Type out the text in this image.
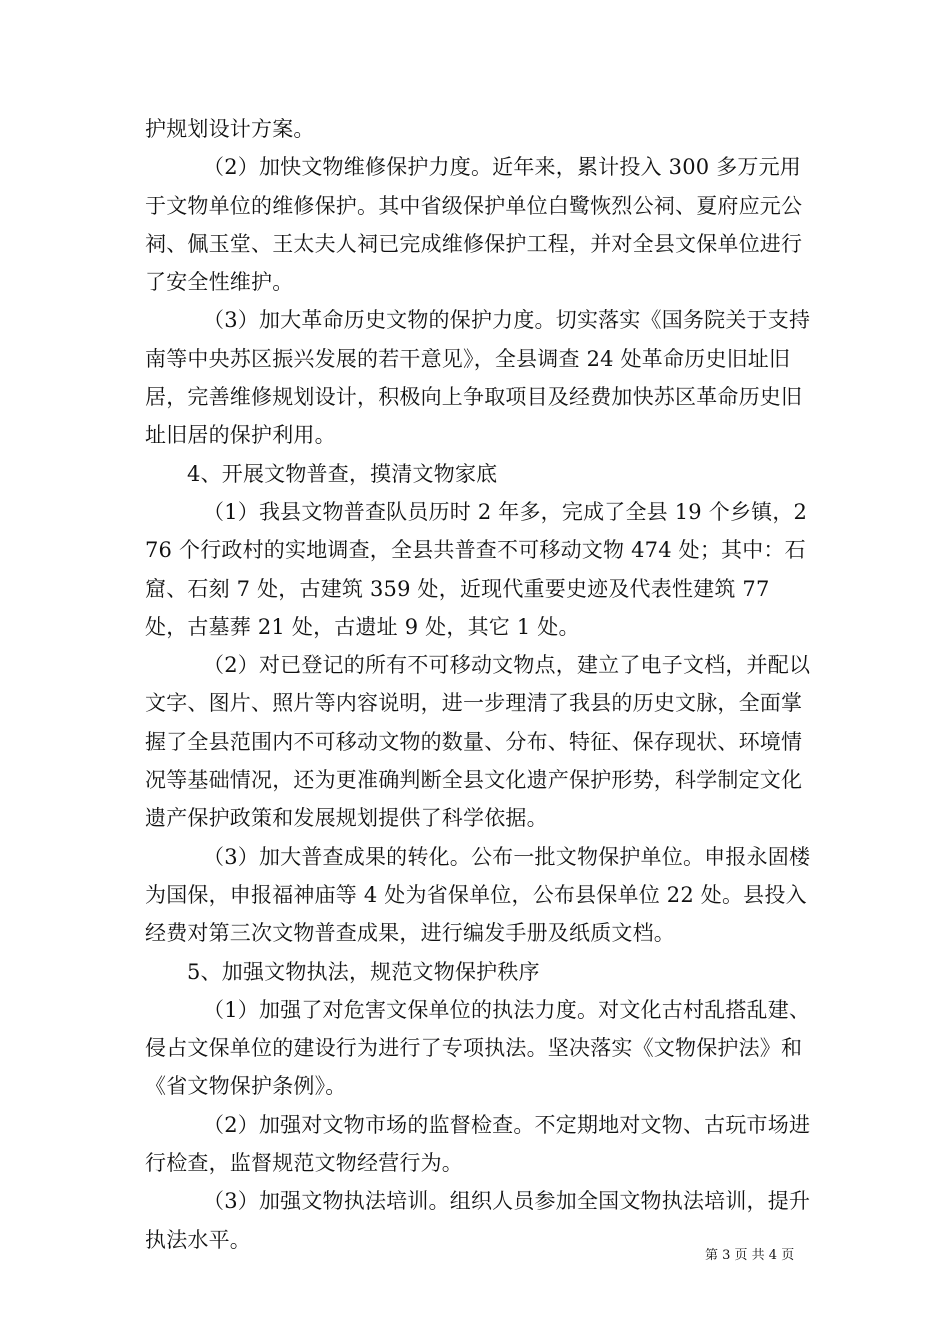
护规划设计方案。

（2）加快文物维修保护力度。近年来，累计投入 300 多万元用于文物单位的维修保护。其中省级保护单位白鹭恢烈公祠、夏府应元公祠、佩玉堂、王太夫人祠已完成维修保护工程，并对全县文保单位进行了安全性维护。

（3）加大革命历史文物的保护力度。切实落实《国务院关于支持南等中央苏区振兴发展的若干意见》，全县调查 24 处革命历史旧址旧居，完善维修规划设计，积极向上争取项目及经费加快苏区革命历史旧址旧居的保护利用。

4、开展文物普查，摸清文物家底

（1）我县文物普查队员历时 2 年多，完成了全县 19 个乡镇，276 个行政村的实地调查，全县共普查不可移动文物 474 处；其中：石窟、石刻 7 处，古建筑 359 处，近现代重要史迹及代表性建筑 77 处，古墓葬 21 处，古遗址 9 处，其它 1 处。

（2）对已登记的所有不可移动文物点，建立了电子文档，并配以文字、图片、照片等内容说明，进一步理清了我县的历史文脉，全面掌握了全县范围内不可移动文物的数量、分布、特征、保存现状、环境情况等基础情况，还为更准确判断全县文化遗产保护形势，科学制定文化遗产保护政策和发展规划提供了科学依据。

（3）加大普查成果的转化。公布一批文物保护单位。申报永固楼为国保，申报福神庙等 4 处为省保单位，公布县保单位 22 处。县投入经费对第三次文物普查成果，进行编发手册及纸质文档。

5、加强文物执法，规范文物保护秩序

（1）加强了对危害文保单位的执法力度。对文化古村乱搭乱建、侵占文保单位的建设行为进行了专项执法。坚决落实《文物保护法》和《省文物保护条例》。

（2）加强对文物市场的监督检查。不定期地对文物、古玩市场进行检查，监督规范文物经营行为。

（3）加强文物执法培训。组织人员参加全国文物执法培训，提升执法水平。

第 3 页 共 4 页
